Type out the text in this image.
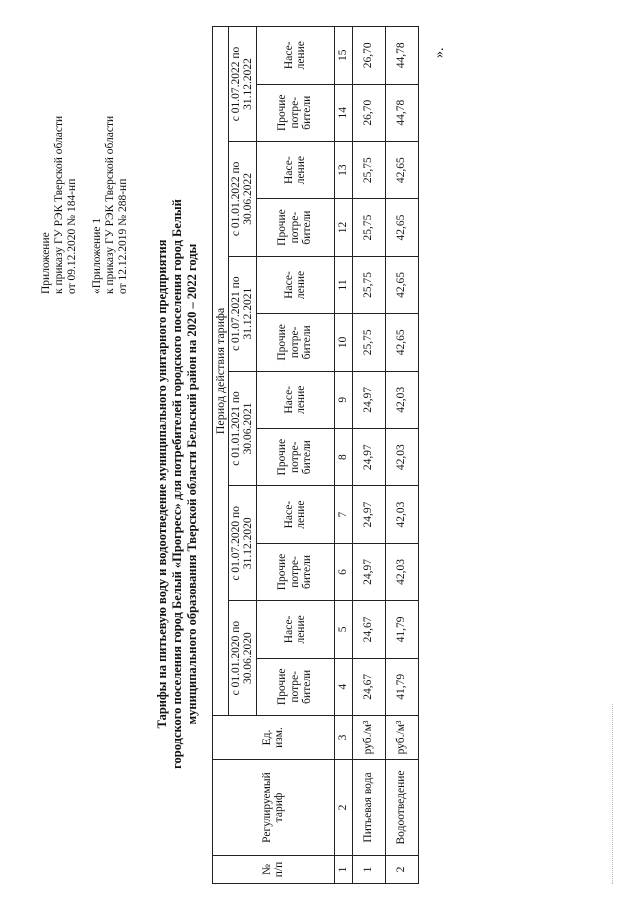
Приложение к приказу ГУ РЭК Тверской области от 09.12.2020 № 184-нп «Приложение 1 к приказу ГУ РЭК Тверской области от 12.12.2019 № 288-нп
Тарифы на питьевую воду и водоотведение муниципального унитарного предприятия городского поселения город Белый «Прогресс» для потребителей городского поселения город Белый муниципального образования Тверской области Бельский район на 2020 – 2022 годы
№ п/п	Регулируемый тариф	Ед. изм.	Период действия тарифа											
			с 01.01.2020 по 30.06.2020		с 01.07.2020 по 31.12.2020		с 01.01.2021 по 30.06.2021		с 01.07.2021 по 31.12.2021		с 01.01.2022 по 30.06.2022		с 01.07.2022 по 31.12.2022	
			Прочие потре-бители	Насе-ление	Прочие потре-бители	Насе-ление	Прочие потре-бители	Насе-ление	Прочие потре-бители	Насе-ление	Прочие потре-бители	Насе-ление	Прочие потре-бители	Насе-ление
1	2	3	4	5	6	7	8	9	10	11	12	13	14	15
1	Питьевая вода	руб./м³	24,67	24,67	24,97	24,97	24,97	24,97	25,75	25,75	25,75	25,75	26,70	26,70
2	Водоотведение	руб./м³	41,79	41,79	42,03	42,03	42,03	42,03	42,65	42,65	42,65	42,65	44,78	44,78 ».
